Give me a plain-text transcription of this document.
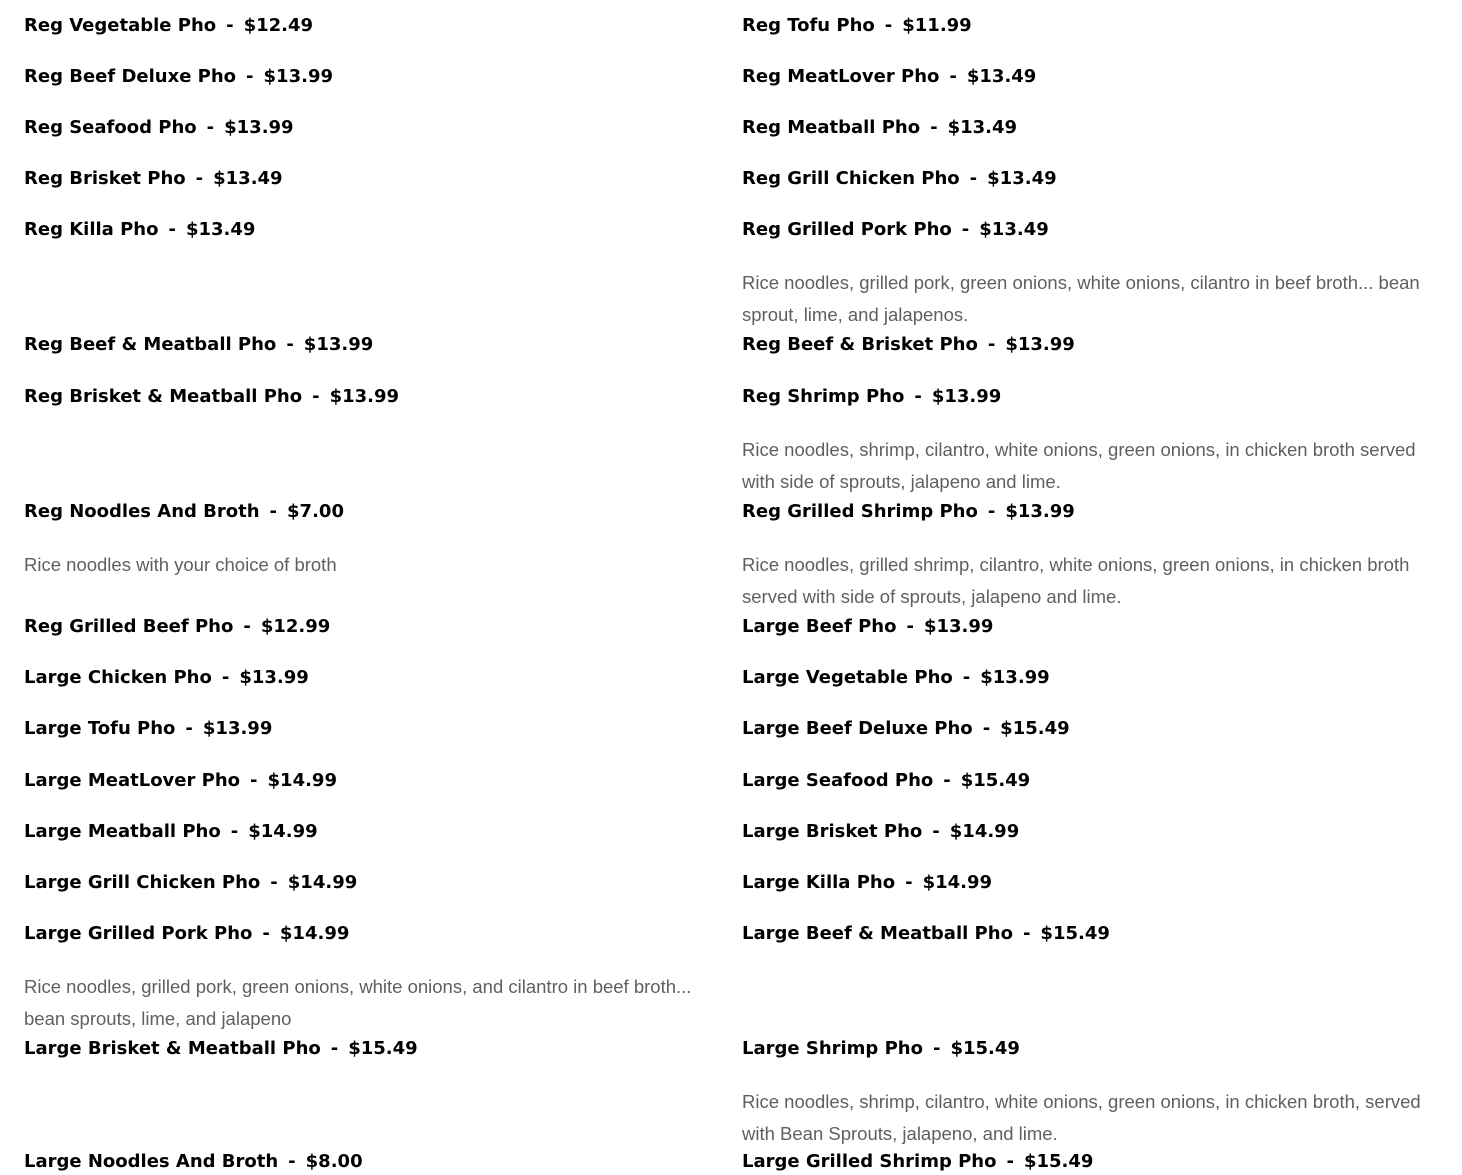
Reg Vegetable Pho - $12.49
Reg Beef Deluxe Pho - $13.99
Reg Seafood Pho - $13.99
Reg Brisket Pho - $13.49
Reg Killa Pho - $13.49
Reg Beef & Meatball Pho - $13.99
Reg Brisket & Meatball Pho - $13.99
Reg Noodles And Broth - $7.00
Rice noodles with your choice of broth
Reg Grilled Beef Pho - $12.99
Large Chicken Pho - $13.99
Large Tofu Pho - $13.99
Large MeatLover Pho - $14.99
Large Meatball Pho - $14.99
Large Grill Chicken Pho - $14.99
Large Grilled Pork Pho - $14.99
Rice noodles, grilled pork, green onions, white onions, and cilantro in beef broth... bean sprouts, lime, and jalapeno
Large Brisket & Meatball Pho - $15.49
Large Noodles And Broth - $8.00
Reg Tofu Pho - $11.99
Reg MeatLover Pho - $13.49
Reg Meatball Pho - $13.49
Reg Grill Chicken Pho - $13.49
Reg Grilled Pork Pho - $13.49
Rice noodles, grilled pork, green onions, white onions, cilantro in beef broth... bean sprout, lime, and jalapenos.
Reg Beef & Brisket Pho - $13.99
Reg Shrimp Pho - $13.99
Rice noodles, shrimp, cilantro, white onions, green onions, in chicken broth served with side of sprouts, jalapeno and lime.
Reg Grilled Shrimp Pho - $13.99
Rice noodles, grilled shrimp, cilantro, white onions, green onions, in chicken broth served with side of sprouts, jalapeno and lime.
Large Beef Pho - $13.99
Large Vegetable Pho - $13.99
Large Beef Deluxe Pho - $15.49
Large Seafood Pho - $15.49
Large Brisket Pho - $14.99
Large Killa Pho - $14.99
Large Beef & Meatball Pho - $15.49
Large Shrimp Pho - $15.49
Rice noodles, shrimp, cilantro, white onions, green onions, in chicken broth, served with Bean Sprouts, jalapeno, and lime.
Large Grilled Shrimp Pho - $15.49
